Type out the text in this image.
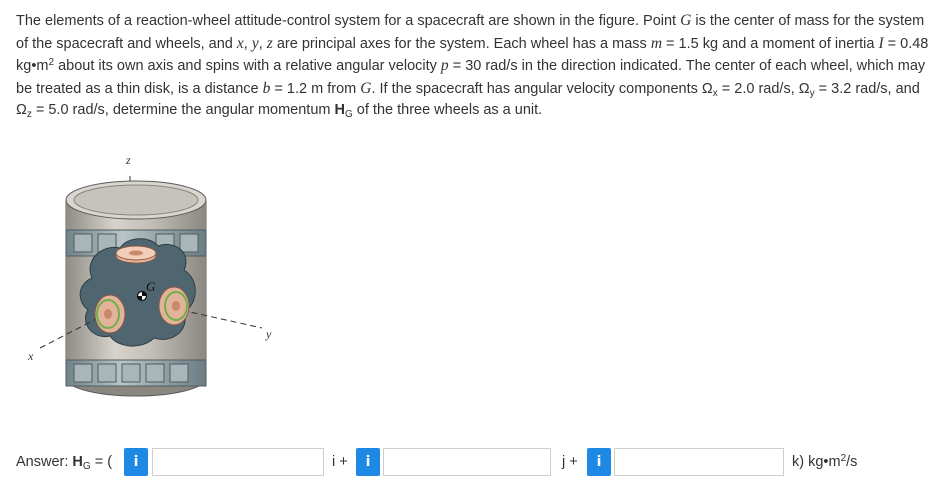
The elements of a reaction-wheel attitude-control system for a spacecraft are shown in the figure. Point G is the center of mass for the system of the spacecraft and wheels, and x, y, z are principal axes for the system. Each wheel has a mass m = 1.5 kg and a moment of inertia I = 0.48 $kg•m^2$ about its own axis and spins with a relative angular velocity p = 30 rad/s in the direction indicated. The center of each wheel, which may be treated as a thin disk, is a distance b = 1.2 m from G. If the spacecraft has angular velocity components $\Omega_x = 2.0$ rad/s, $\Omega_y = 3.2$ rad/s, and $\Omega_z = 5.0$ rad/s, determine the angular momentum $H_G$ of the three wheels as a unit.
z
x
y
G
Answer: $H_G$ = (	i	i +	i	j +	i	k) $kg•m^2/s$
